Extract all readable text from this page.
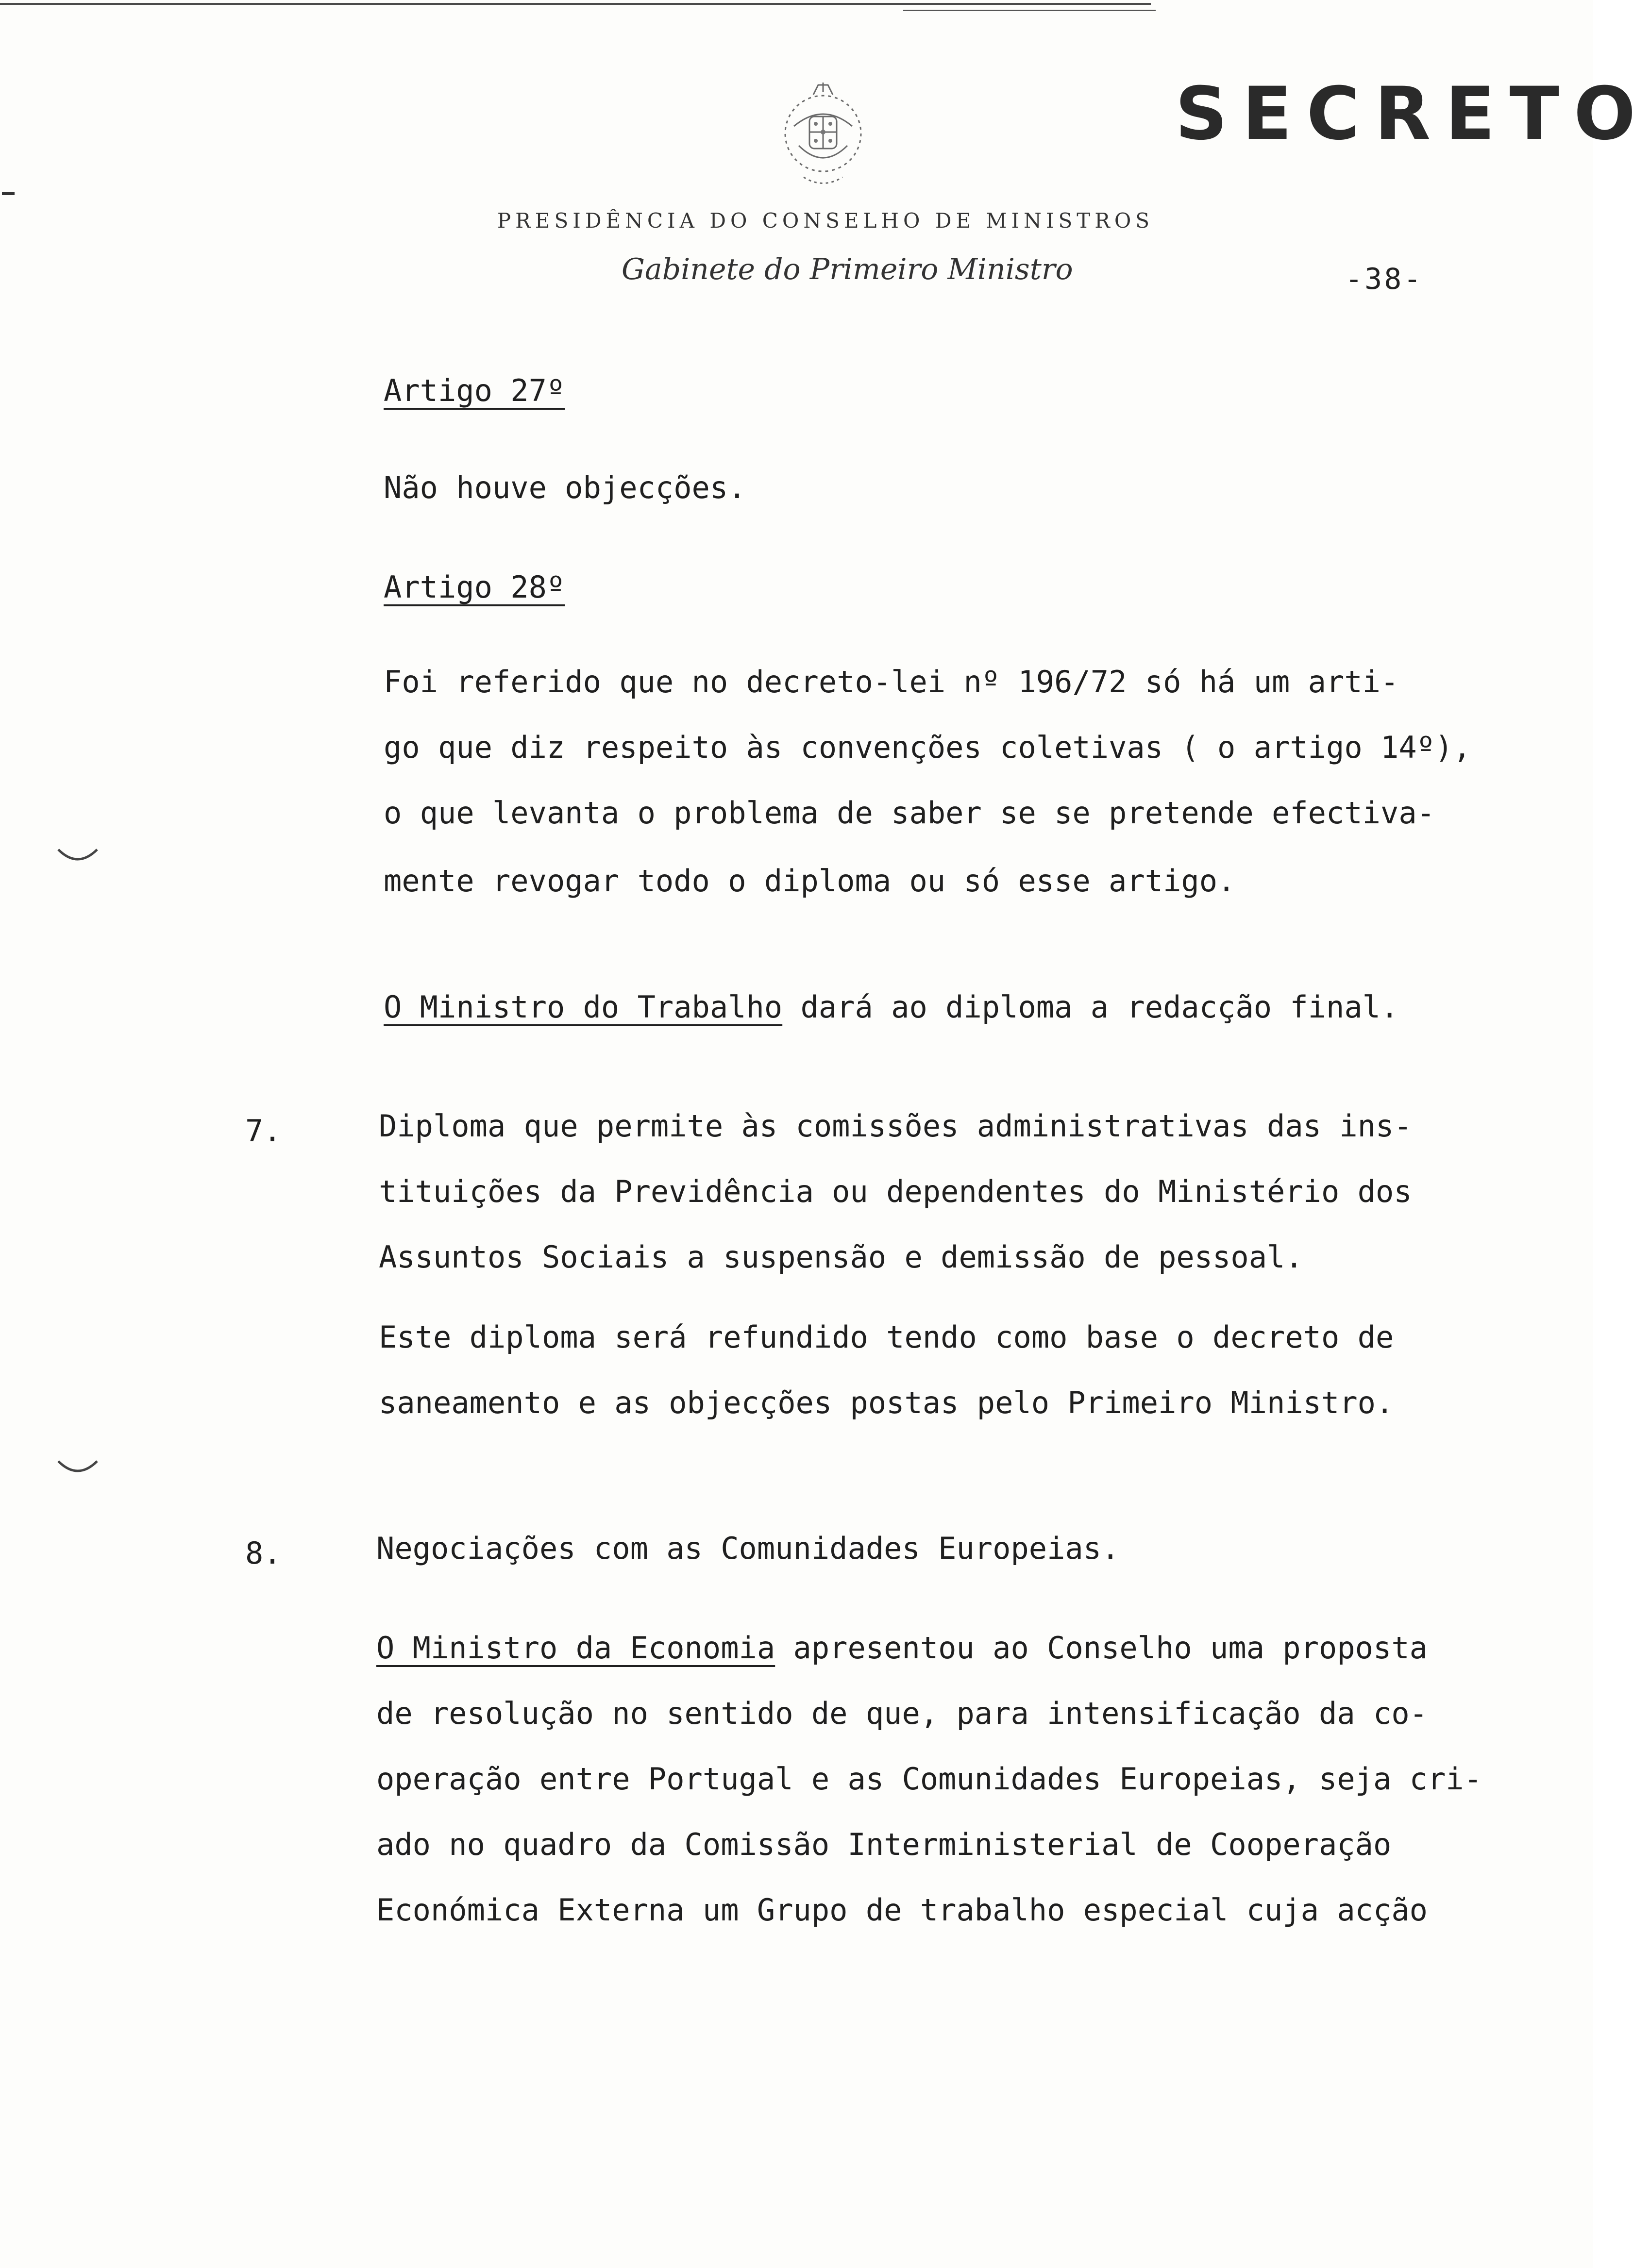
SECRETO
PRESIDÊNCIA DO CONSELHO DE MINISTROS
Gabinete do Primeiro Ministro	-38-
Artigo 27º
Não houve objecções.
Artigo 28º
Foi referido que no decreto-lei nº 196/72 só há um arti-
go que diz respeito às convenções coletivas ( o artigo 14º),
o que levanta o problema de saber se se pretende efectiva-
mente revogar todo o diploma ou só esse artigo.
O Ministro do Trabalho dará ao diploma a redacção final.
7.	Diploma que permite às comissões administrativas das ins-
tituições da Previdência ou dependentes do Ministério dos
Assuntos Sociais a suspensão e demissão de pessoal.
Este diploma será refundido tendo como base o decreto de
saneamento e as objecções postas pelo Primeiro Ministro.
8.	Negociações com as Comunidades Europeias.
O Ministro da Economia apresentou ao Conselho uma proposta
de resolução no sentido de que, para intensificação da co-
operação entre Portugal e as Comunidades Europeias, seja cri-
ado no quadro da Comissão Interministerial de Cooperação
Económica Externa um Grupo de trabalho especial cuja acção
